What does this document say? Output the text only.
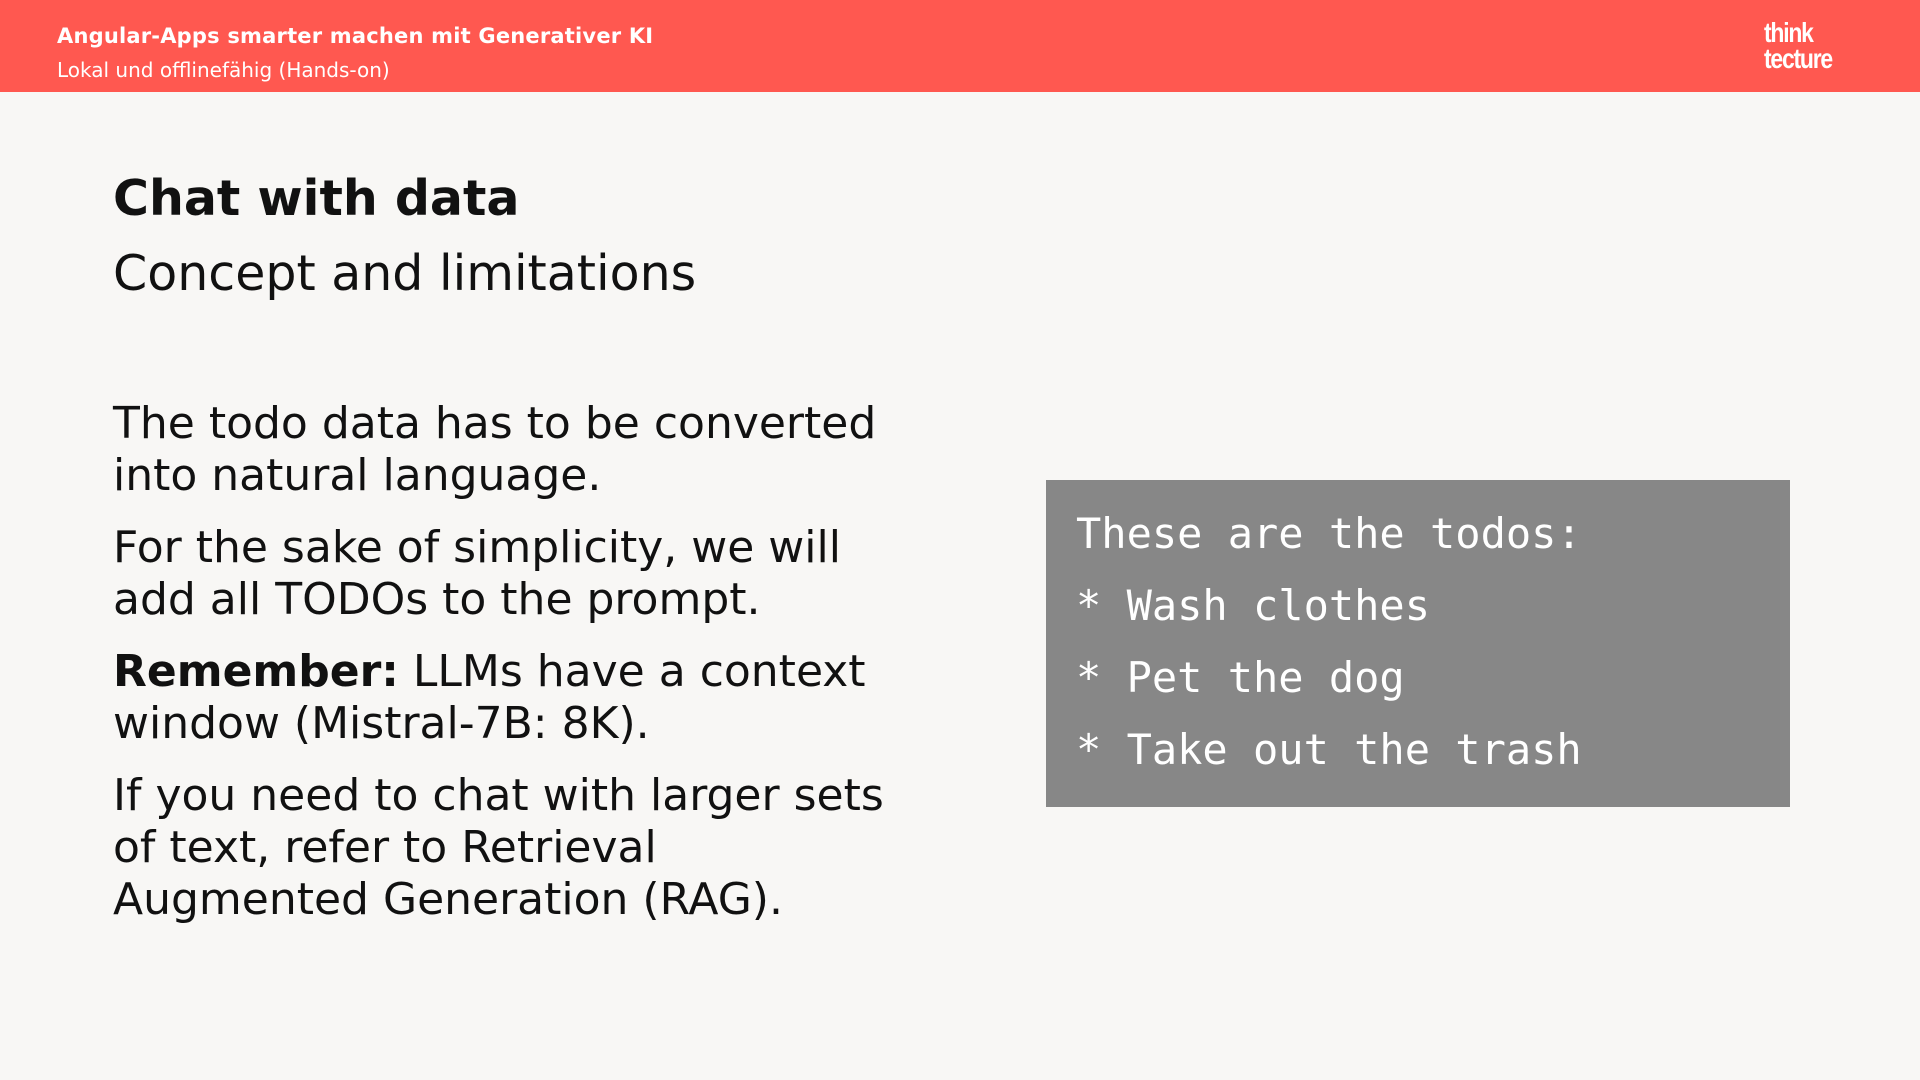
Angular-Apps smarter machen mit Generativer KI
Lokal und offlinefähig (Hands-on)
think
tecture
Chat with data
Concept and limitations

The todo data has to be converted into natural language.

For the sake of simplicity, we will add all TODOs to the prompt.

Remember: LLMs have a context window (Mistral-7B: 8K).

If you need to chat with larger sets of text, refer to Retrieval Augmented Generation (RAG).

These are the todos:
* Wash clothes
* Pet the dog
* Take out the trash
